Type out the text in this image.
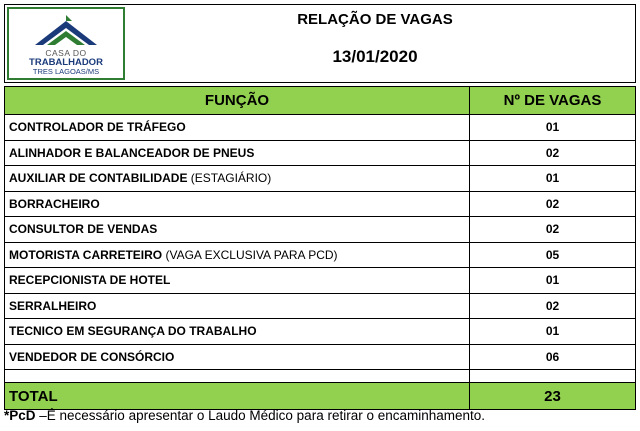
CASA DO
TRABALHADOR
TRES LAGOAS/MS
RELAÇÃO DE VAGAS
13/01/2020
FUNÇÃO	Nº DE VAGAS
CONTROLADOR DE TRÁFEGO	01
ALINHADOR E BALANCEADOR DE PNEUS	02
AUXILIAR DE CONTABILIDADE (ESTAGIÁRIO)	01
BORRACHEIRO	02
CONSULTOR DE VENDAS	02
MOTORISTA CARRETEIRO (VAGA EXCLUSIVA PARA PCD)	05
RECEPCIONISTA DE HOTEL	01
SERRALHEIRO	02
TECNICO EM SEGURANÇA DO TRABALHO	01
VENDEDOR DE CONSÓRCIO	06

TOTAL	23
*PcD –É necessário apresentar o Laudo Médico para retirar o encaminhamento.
